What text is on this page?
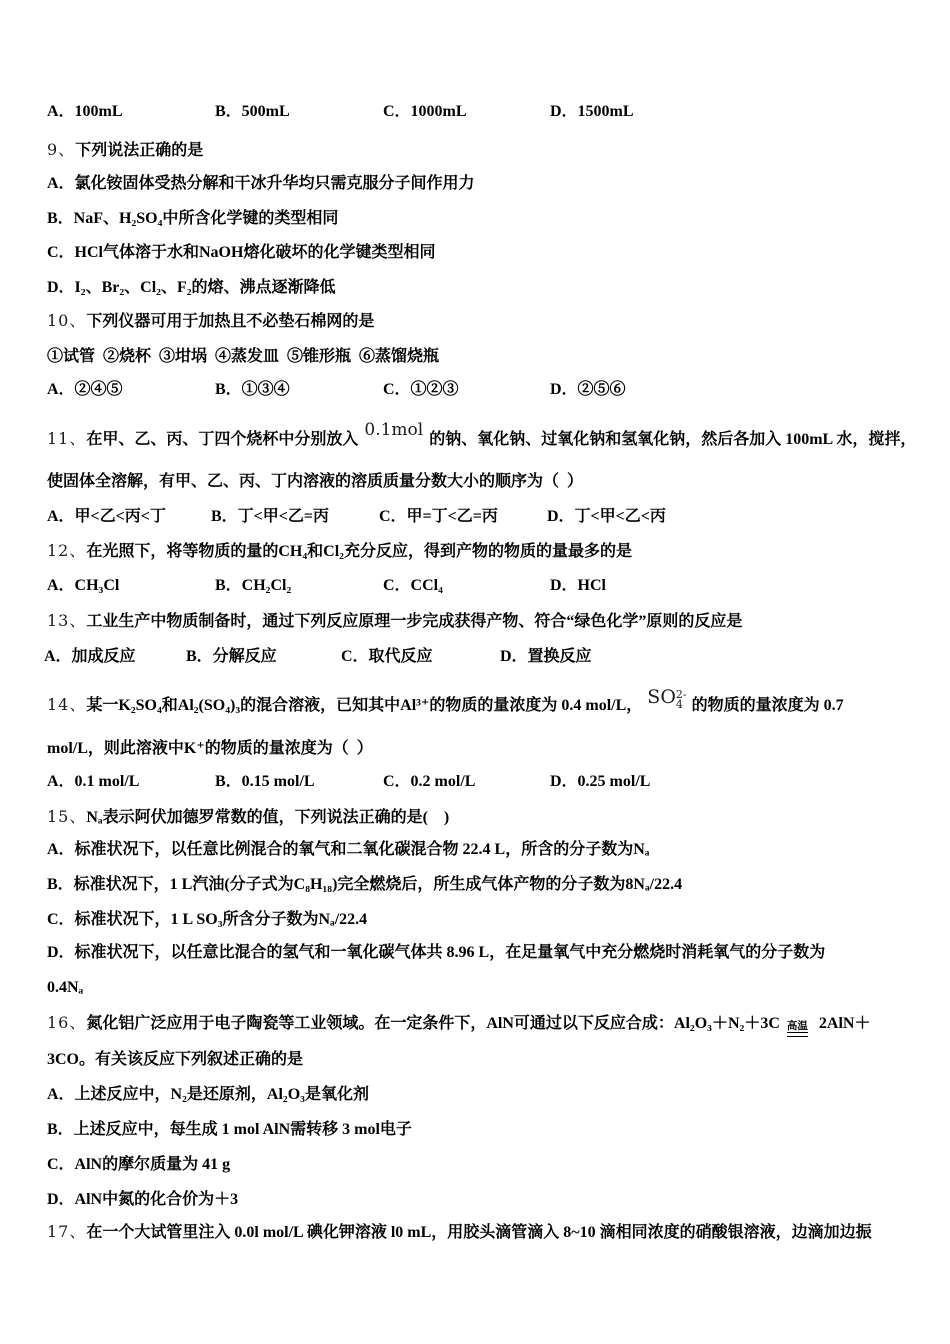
A．100mL	B．500mL	C．1000mL	D．1500mL
9、下列说法正确的是
A．氯化铵固体受热分解和干冰升华均只需克服分子间作用力
B．NaF、H₂SO₄中所含化学键的类型相同
C．HCl气体溶于水和NaOH熔化破坏的化学键类型相同
D．I₂、Br₂、Cl₂、F₂的熔、沸点逐渐降低
10、下列仪器可用于加热且不必垫石棉网的是
①试管  ②烧杯  ③坩埚  ④蒸发皿  ⑤锥形瓶  ⑥蒸馏烧瓶
A．②④⑤	B．①③④	C．①②③	D．②⑤⑥
11、在甲、乙、丙、丁四个烧杯中分别放入 0.1mol 的钠、氧化钠、过氧化钠和氢氧化钠，然后各加入 100mL 水，搅拌，
使固体全溶解，有甲、乙、丙、丁内溶液的溶质质量分数大小的顺序为（  ）
A．甲<乙<丙<丁	B．丁<甲<乙=丙	C．甲=丁<乙=丙	D．丁<甲<乙<丙
12、在光照下，将等物质的量的CH₄和Cl₂充分反应，得到产物的物质的量最多的是
A．CH₃Cl	B．CH₂Cl₂	C．CCl₄	D．HCl
13、工业生产中物质制备时，通过下列反应原理一步完成获得产物、符合“绿色化学”原则的反应是
A．加成反应	B．分解反应	C．取代反应	D．置换反应
14、某一K₂SO₄和Al₂(SO₄)₃的混合溶液，已知其中Al³⁺的物质的量浓度为 0.4 mol/L， SO 2-
4 的物质的量浓度为 0.7
mol/L，则此溶液中K⁺的物质的量浓度为（  ）
A．0.1 mol/L	B．0.15 mol/L	C．0.2 mol/L	D．0.25 mol/L
15、Nₐ表示阿伏加德罗常数的值，下列说法正确的是(    )
A．标准状况下，以任意比例混合的氧气和二氧化碳混合物 22.4 L，所含的分子数为Nₐ
B．标准状况下，1 L汽油(分子式为C₈H₁₈)完全燃烧后，所生成气体产物的分子数为8Nₐ/22.4
C．标准状况下，1 L SO₃所含分子数为Nₐ/22.4
D．标准状况下，以任意比混合的氢气和一氧化碳气体共 8.96 L，在足量氧气中充分燃烧时消耗氧气的分子数为
0.4Nₐ
16、氮化铝广泛应用于电子陶瓷等工业领域。在一定条件下，AlN可通过以下反应合成：Al₂O₃＋N₂＋3C 高温 2AlN＋
3CO。有关该反应下列叙述正确的是
A．上述反应中，N₂是还原剂，Al₂O₃是氧化剂
B．上述反应中，每生成 1 mol AlN需转移 3 mol电子
C．AlN的摩尔质量为 41 g
D．AlN中氮的化合价为＋3
17、在一个大试管里注入 0.0l mol/L 碘化钾溶液 l0 mL，用胶头滴管滴入 8~10 滴相同浓度的硝酸银溶液，边滴加边振
